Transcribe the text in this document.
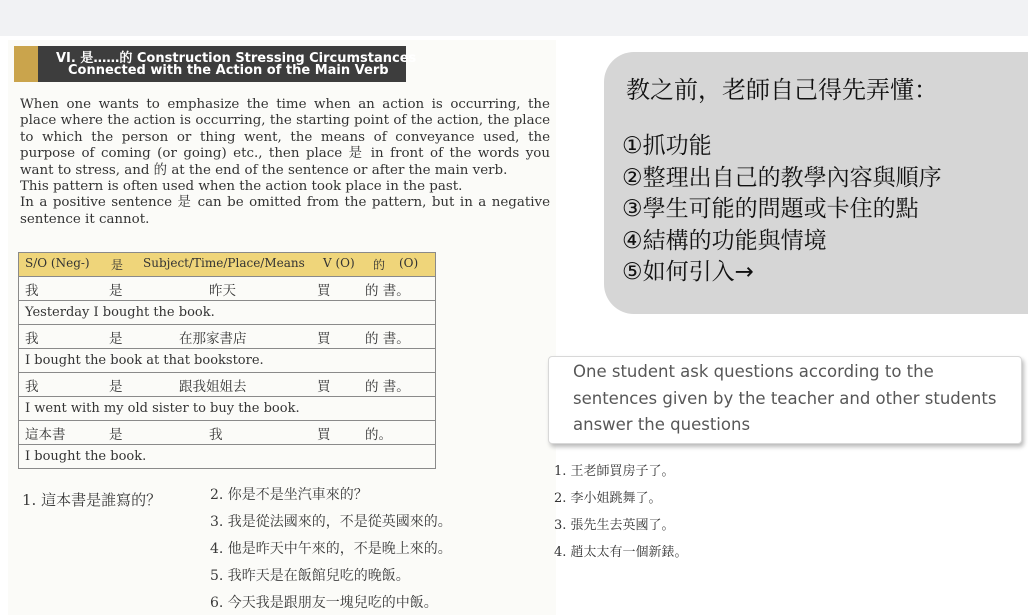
VI. 是……的 Construction Stressing Circumstances
Connected with the Action of the Main Verb

When one wants to emphasize the time when an action is occurring, the place where the action is occurring, the starting point of the action, the place to which the person or thing went, the means of conveyance used, the purpose of coming (or going) etc., then place 是 in front of the words you want to stress, and 的 at the end of the sentence or after the main verb.

This pattern is often used when the action took place in the past.

In a positive sentence 是 can be omitted from the pattern, but in a negative sentence it cannot.

S/O (Neg-)	是	Subject/Time/Place/Means	V (O)	的	(O)

我	是	昨天	買	的 書。

Yesterday I bought the book.

我	是	在那家書店	買	的 書。

I bought the book at that bookstore.

我	是	跟我姐姐去	買	的 書。

I went with my old sister to buy the book.

這本書	是	我	買	的。

I bought the book.
1. 這本書是誰寫的？	2. 你是不是坐汽車來的？
3. 我是從法國來的，不是從英國來的。
4. 他是昨天中午來的，不是晚上來的。
5. 我昨天是在飯館兒吃的晚飯。
6. 今天我是跟朋友一塊兒吃的中飯。
教之前，老師自己得先弄懂：
①抓功能
②整理出自己的教學內容與順序
③學生可能的問題或卡住的點
④結構的功能與情境
⑤如何引入→
One student ask questions according to the sentences given by the teacher and other students answer the questions
1. 王老師買房子了。
2. 李小姐跳舞了。
3. 張先生去英國了。
4. 趙太太有一個新錶。
